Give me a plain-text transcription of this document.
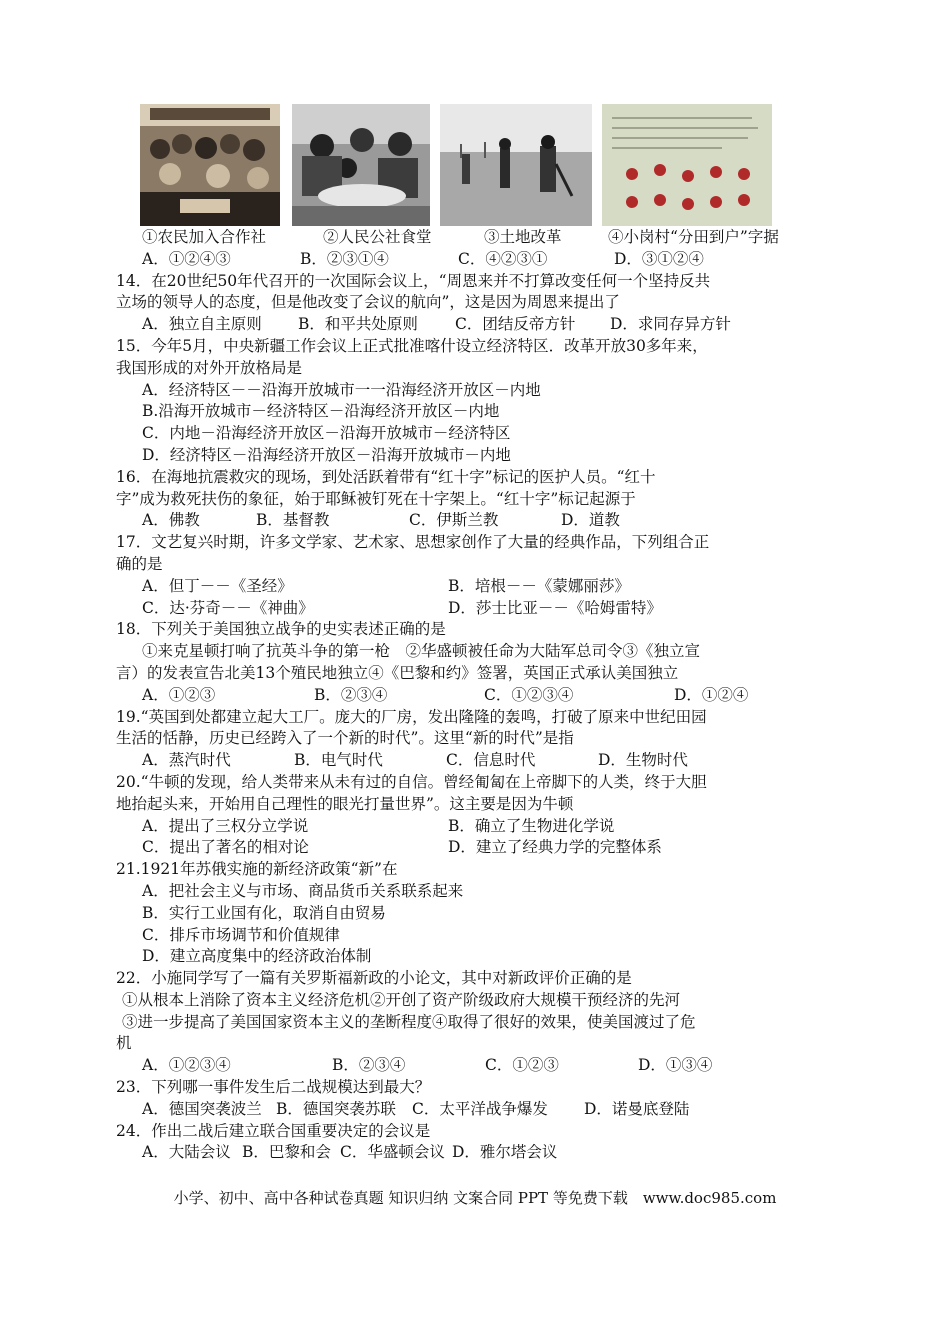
①农民加入合作社	②人民公社食堂	③土地改革	④小岗村“分田到户”字据
A．①②④③	B．②③①④	C．④②③①	D．③①②④
14．在20世纪50年代召开的一次国际会议上，“周恩来并不打算改变任何一个坚持反共
立场的领导人的态度，但是他改变了会议的航向”，这是因为周恩来提出了
A．独立自主原则	B．和平共处原则	C．团结反帝方针	D．求同存异方针
15．今年5月，中央新疆工作会议上正式批准喀什设立经济特区．改革开放30多年来，
我国形成的对外开放格局是
A．经济特区－－沿海开放城市一一沿海经济开放区－内地
B.沿海开放城市－经济特区－沿海经济开放区－内地
C．内地－沿海经济开放区－沿海开放城市－经济特区
D．经济特区－沿海经济开放区－沿海开放城市－内地
16．在海地抗震救灾的现场，到处活跃着带有“红十字”标记的医护人员。“红十
字”成为救死扶伤的象征，始于耶稣被钉死在十字架上。“红十字”标记起源于
A．佛教	B．基督教	C．伊斯兰教	D．道教
17．文艺复兴时期，许多文学家、艺术家、思想家创作了大量的经典作品，下列组合正
确的是
A．但丁－－《圣经》	B．培根－－《蒙娜丽莎》
C．达·芬奇－－《神曲》	D．莎士比亚－－《哈姆雷特》
18．下列关于美国独立战争的史实表述正确的是
①来克星顿打响了抗英斗争的第一枪　②华盛顿被任命为大陆军总司令③《独立宣
言）的发表宣告北美13个殖民地独立④《巴黎和约》签署，英国正式承认美国独立
A．①②③	B．②③④	C．①②③④	D．①②④
19.“英国到处都建立起大工厂。庞大的厂房，发出隆隆的轰鸣，打破了原来中世纪田园
生活的恬静，历史已经跨入了一个新的时代”。这里“新的时代”是指
A．蒸汽时代	B．电气时代	C．信息时代	D．生物时代
20.“牛顿的发现，给人类带来从未有过的自信。曾经匍匐在上帝脚下的人类，终于大胆
地抬起头来，开始用自己理性的眼光打量世界”。这主要是因为牛顿
A．提出了三权分立学说	B．确立了生物进化学说
C．提出了著名的相对论	D．建立了经典力学的完整体系
21.1921年苏俄实施的新经济政策“新”在
A．把社会主义与市场、商品货币关系联系起来
B．实行工业国有化，取消自由贸易
C．排斥市场调节和价值规律
D．建立高度集中的经济政治体制
22．小施同学写了一篇有关罗斯福新政的小论文，其中对新政评价正确的是
①从根本上消除了资本主义经济危机②开创了资产阶级政府大规模干预经济的先河
③进一步提高了美国国家资本主义的垄断程度④取得了很好的效果，使美国渡过了危
机
A．①②③④	B．②③④	C．①②③	D．①③④
23．下列哪一事件发生后二战规模达到最大？
A．德国突袭波兰 B．德国突袭苏联	C．太平洋战争爆发	D．诺曼底登陆
24．作出二战后建立联合国重要决定的会议是
A．大陆会议 B．巴黎和会 C．华盛顿会议 D．雅尔塔会议
小学、初中、高中各种试卷真题 知识归纳 文案合同 PPT 等免费下载　www.doc985.com
